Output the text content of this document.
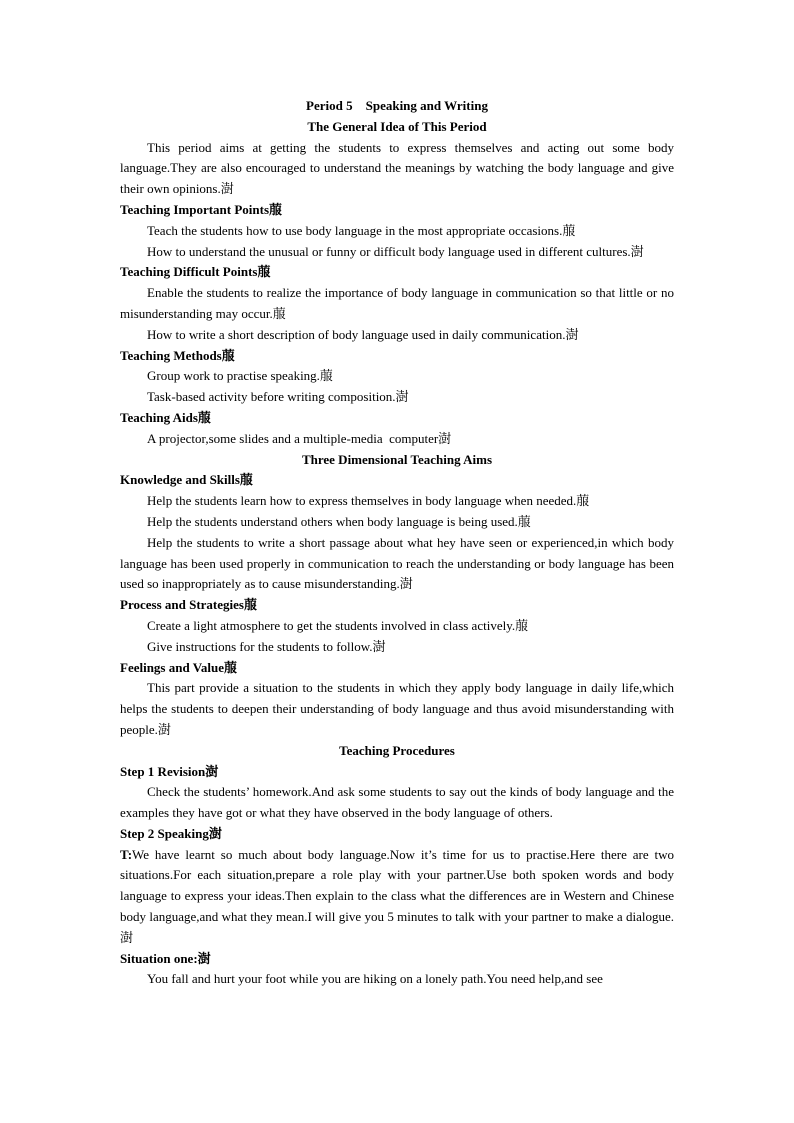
Period 5    Speaking and Writing

The General Idea of This Period

This period aims at getting the students to express themselves and acting out some body language.They are also encouraged to understand the meanings by watching the body language and give their own opinions.澍

Teaching Important Points菔

Teach the students how to use body language in the most appropriate occasions.菔

How to understand the unusual or funny or difficult body language used in different cultures.澍

Teaching Difficult Points菔

Enable the students to realize the importance of body language in communication so that little or no misunderstanding may occur.菔

How to write a short description of body language used in daily communication.澍

Teaching Methods菔

Group work to practise speaking.菔

Task-based activity before writing composition.澍

Teaching Aids菔

A projector,some slides and a multiple-media  computer澍

Three Dimensional Teaching Aims

Knowledge and Skills菔

Help the students learn how to express themselves in body language when needed.菔

Help the students understand others when body language is being used.菔

Help the students to write a short passage about what hey have seen or experienced,in which body language has been used properly in communication to reach the understanding or body language has been used so inappropriately as to cause misunderstanding.澍

Process and Strategies菔

Create a light atmosphere to get the students involved in class actively.菔

Give instructions for the students to follow.澍

Feelings and Value菔

This part provide a situation to the students in which they apply body language in daily life,which helps the students to deepen their understanding of body language and thus avoid misunderstanding with people.澍

Teaching Procedures

Step 1 Revision澍

Check the students’ homework.And ask some students to say out the kinds of body language and the examples they have got or what they have observed in the body language of others.

Step 2 Speaking澍

T:We have learnt so much about body language.Now it’s time for us to practise.Here there are two situations.For each situation,prepare a role play with your partner.Use both spoken words and body language to express your ideas.Then explain to the class what the differences are in Western and Chinese body language,and what they mean.I will give you 5 minutes to talk with your partner to make a dialogue.澍

Situation one:澍

You fall and hurt your foot while you are hiking on a lonely path.You need help,and see
